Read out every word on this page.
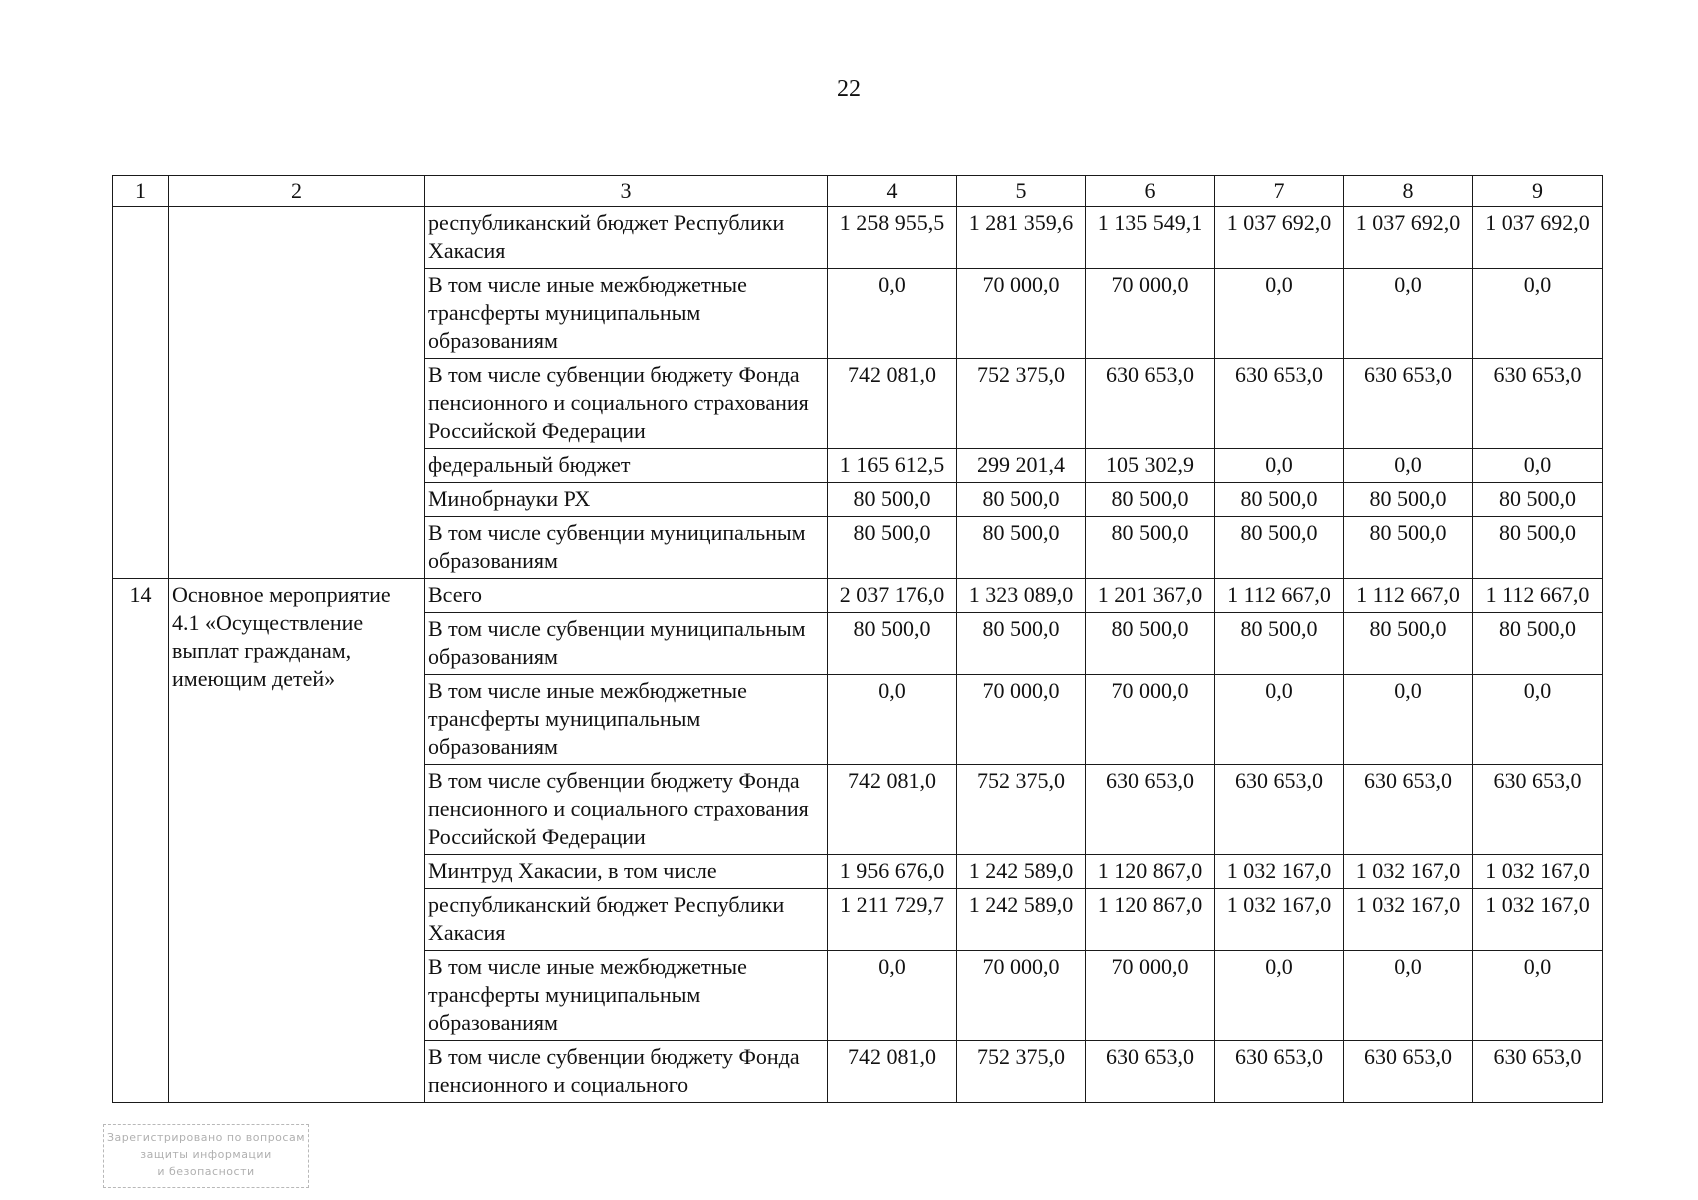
22
1	2	3	4	5	6	7	8	9
		республиканский бюджет Республики Хакасия	1 258 955,5	1 281 359,6	1 135 549,1	1 037 692,0	1 037 692,0	1 037 692,0
		В том числе иные межбюджетные трансферты муниципальным образованиям	0,0	70 000,0	70 000,0	0,0	0,0	0,0
		В том числе субвенции бюджету Фонда пенсионного и социального страхования Российской Федерации	742 081,0	752 375,0	630 653,0	630 653,0	630 653,0	630 653,0
		федеральный бюджет	1 165 612,5	299 201,4	105 302,9	0,0	0,0	0,0
		Минобрнауки РХ	80 500,0	80 500,0	80 500,0	80 500,0	80 500,0	80 500,0
		В том числе субвенции муниципальным образованиям	80 500,0	80 500,0	80 500,0	80 500,0	80 500,0	80 500,0
14	Основное мероприятие 4.1 «Осуществление выплат гражданам, имеющим детей»	Всего	2 037 176,0	1 323 089,0	1 201 367,0	1 112 667,0	1 112 667,0	1 112 667,0
		В том числе субвенции муниципальным образованиям	80 500,0	80 500,0	80 500,0	80 500,0	80 500,0	80 500,0
		В том числе иные межбюджетные трансферты муниципальным образованиям	0,0	70 000,0	70 000,0	0,0	0,0	0,0
		В том числе субвенции бюджету Фонда пенсионного и социального страхования Российской Федерации	742 081,0	752 375,0	630 653,0	630 653,0	630 653,0	630 653,0
		Минтруд Хакасии, в том числе	1 956 676,0	1 242 589,0	1 120 867,0	1 032 167,0	1 032 167,0	1 032 167,0
		республиканский бюджет Республики Хакасия	1 211 729,7	1 242 589,0	1 120 867,0	1 032 167,0	1 032 167,0	1 032 167,0
		В том числе иные межбюджетные трансферты муниципальным образованиям	0,0	70 000,0	70 000,0	0,0	0,0	0,0
		В том числе субвенции бюджету Фонда пенсионного и социального	742 081,0	752 375,0	630 653,0	630 653,0	630 653,0	630 653,0
Зарегистрировано по вопросам
защиты информации
и безопасности
